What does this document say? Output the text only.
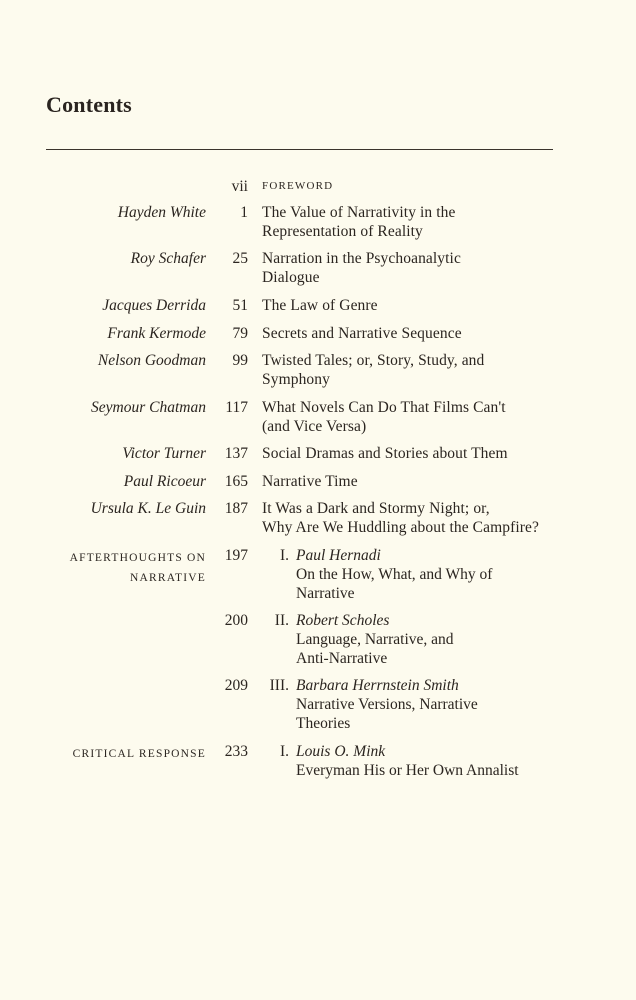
Contents
vii FOREWORD
Hayden White 1 The Value of Narrativity in the
Representation of Reality
Roy Schafer 25 Narration in the Psychoanalytic
Dialogue
Jacques Derrida 51 The Law of Genre
Frank Kermode 79 Secrets and Narrative Sequence
Nelson Goodman 99 Twisted Tales; or, Story, Study, and
Symphony
Seymour Chatman 117 What Novels Can Do That Films Can't
(and Vice Versa)
Victor Turner 137 Social Dramas and Stories about Them
Paul Ricoeur 165 Narrative Time
Ursula K. Le Guin 187 It Was a Dark and Stormy Night; or,
Why Are We Huddling about the Campfire?
AFTERTHOUGHTS ON
NARRATIVE
197 I. Paul Hernadi
On the How, What, and Why of
Narrative
200 II. Robert Scholes
Language, Narrative, and
Anti-Narrative
209 III. Barbara Herrnstein Smith
Narrative Versions, Narrative
Theories
CRITICAL RESPONSE 233 I. Louis O. Mink
Everyman His or Her Own Annalist
